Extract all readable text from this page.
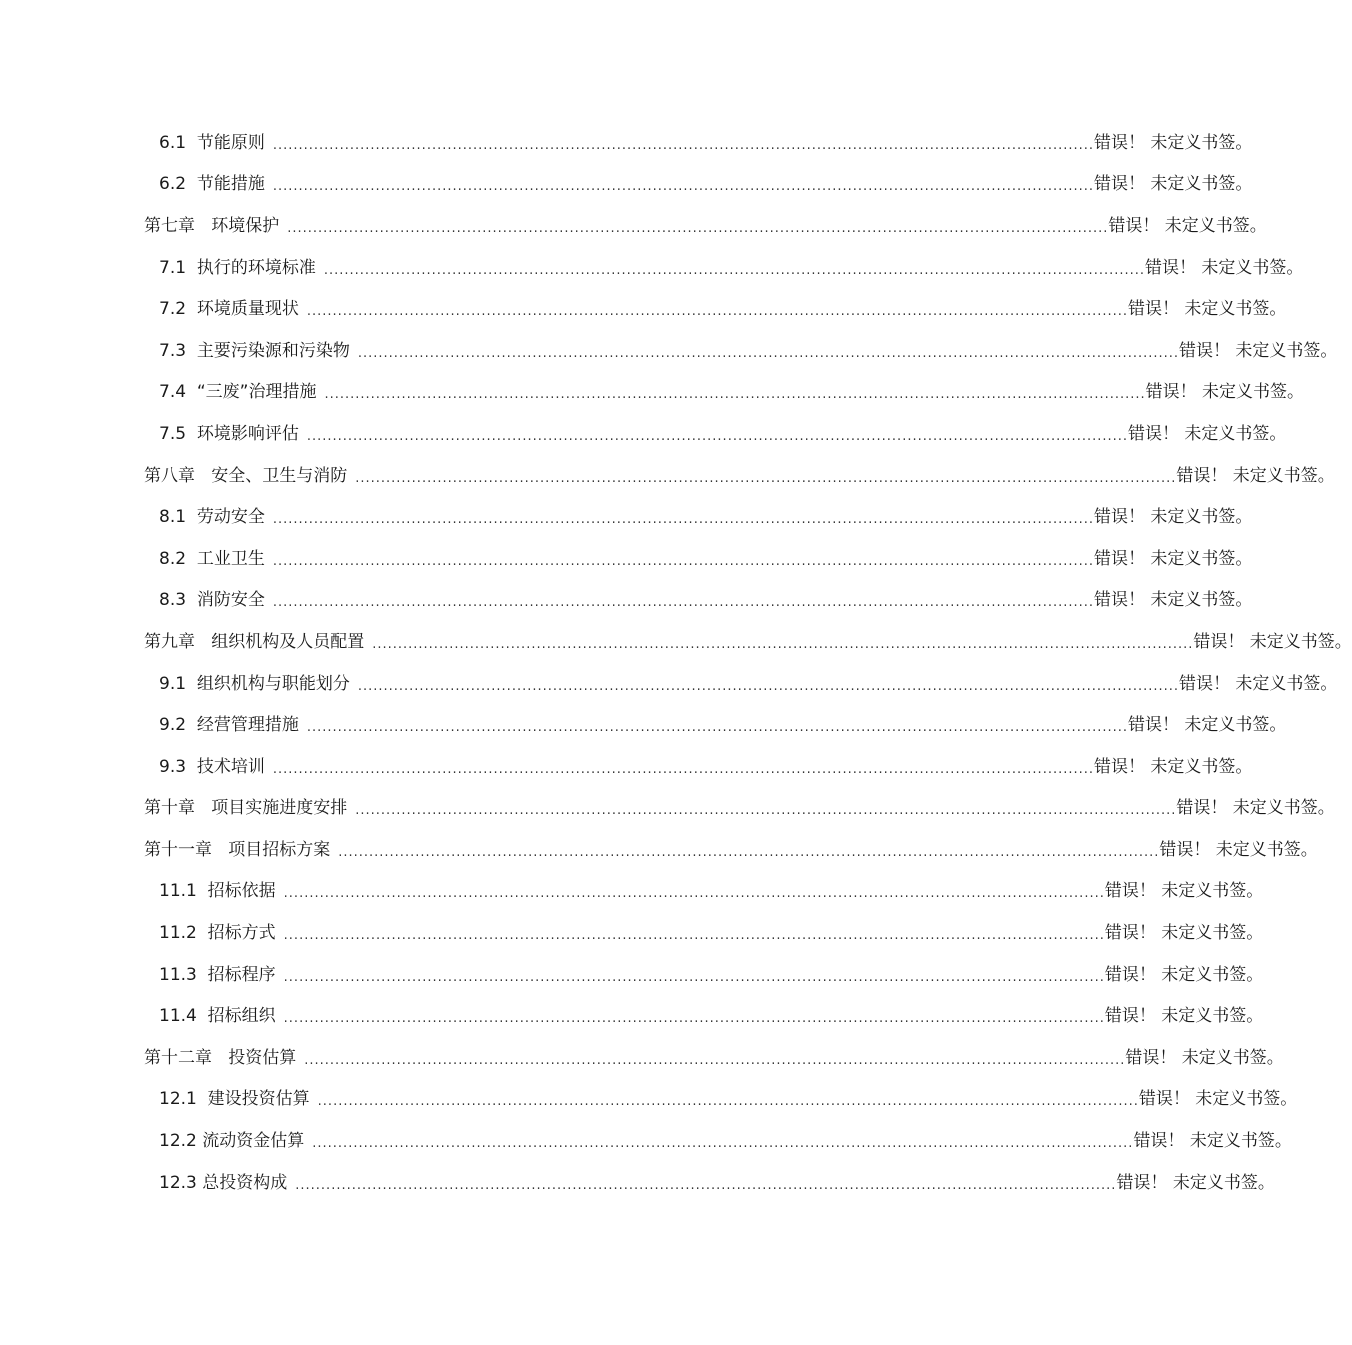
6.1  节能原则 ................................................................................................................................................................ 错误！ 未定义书签。
6.2  节能措施 ................................................................................................................................................................ 错误！ 未定义书签。
第七章   环境保护 ................................................................................................................................................................ 错误！ 未定义书签。
7.1  执行的环境标准 ................................................................................................................................................................ 错误！ 未定义书签。
7.2  环境质量现状 ................................................................................................................................................................ 错误！ 未定义书签。
7.3  主要污染源和污染物 ................................................................................................................................................................ 错误！ 未定义书签。
7.4  “三废”治理措施 ................................................................................................................................................................ 错误！ 未定义书签。
7.5  环境影响评估 ................................................................................................................................................................ 错误！ 未定义书签。
第八章   安全、卫生与消防 ................................................................................................................................................................ 错误！ 未定义书签。
8.1  劳动安全 ................................................................................................................................................................ 错误！ 未定义书签。
8.2  工业卫生 ................................................................................................................................................................ 错误！ 未定义书签。
8.3  消防安全 ................................................................................................................................................................ 错误！ 未定义书签。
第九章   组织机构及人员配置 ................................................................................................................................................................ 错误！ 未定义书签。
9.1  组织机构与职能划分 ................................................................................................................................................................ 错误！ 未定义书签。
9.2  经营管理措施 ................................................................................................................................................................ 错误！ 未定义书签。
9.3  技术培训 ................................................................................................................................................................ 错误！ 未定义书签。
第十章   项目实施进度安排 ................................................................................................................................................................ 错误！ 未定义书签。
第十一章   项目招标方案 ................................................................................................................................................................ 错误！ 未定义书签。
11.1  招标依据 ................................................................................................................................................................ 错误！ 未定义书签。
11.2  招标方式 ................................................................................................................................................................ 错误！ 未定义书签。
11.3  招标程序 ................................................................................................................................................................ 错误！ 未定义书签。
11.4  招标组织 ................................................................................................................................................................ 错误！ 未定义书签。
第十二章   投资估算 ................................................................................................................................................................ 错误！ 未定义书签。
12.1  建设投资估算 ................................................................................................................................................................ 错误！ 未定义书签。
12.2 流动资金估算 ................................................................................................................................................................ 错误！ 未定义书签。
12.3 总投资构成 ................................................................................................................................................................ 错误！ 未定义书签。
